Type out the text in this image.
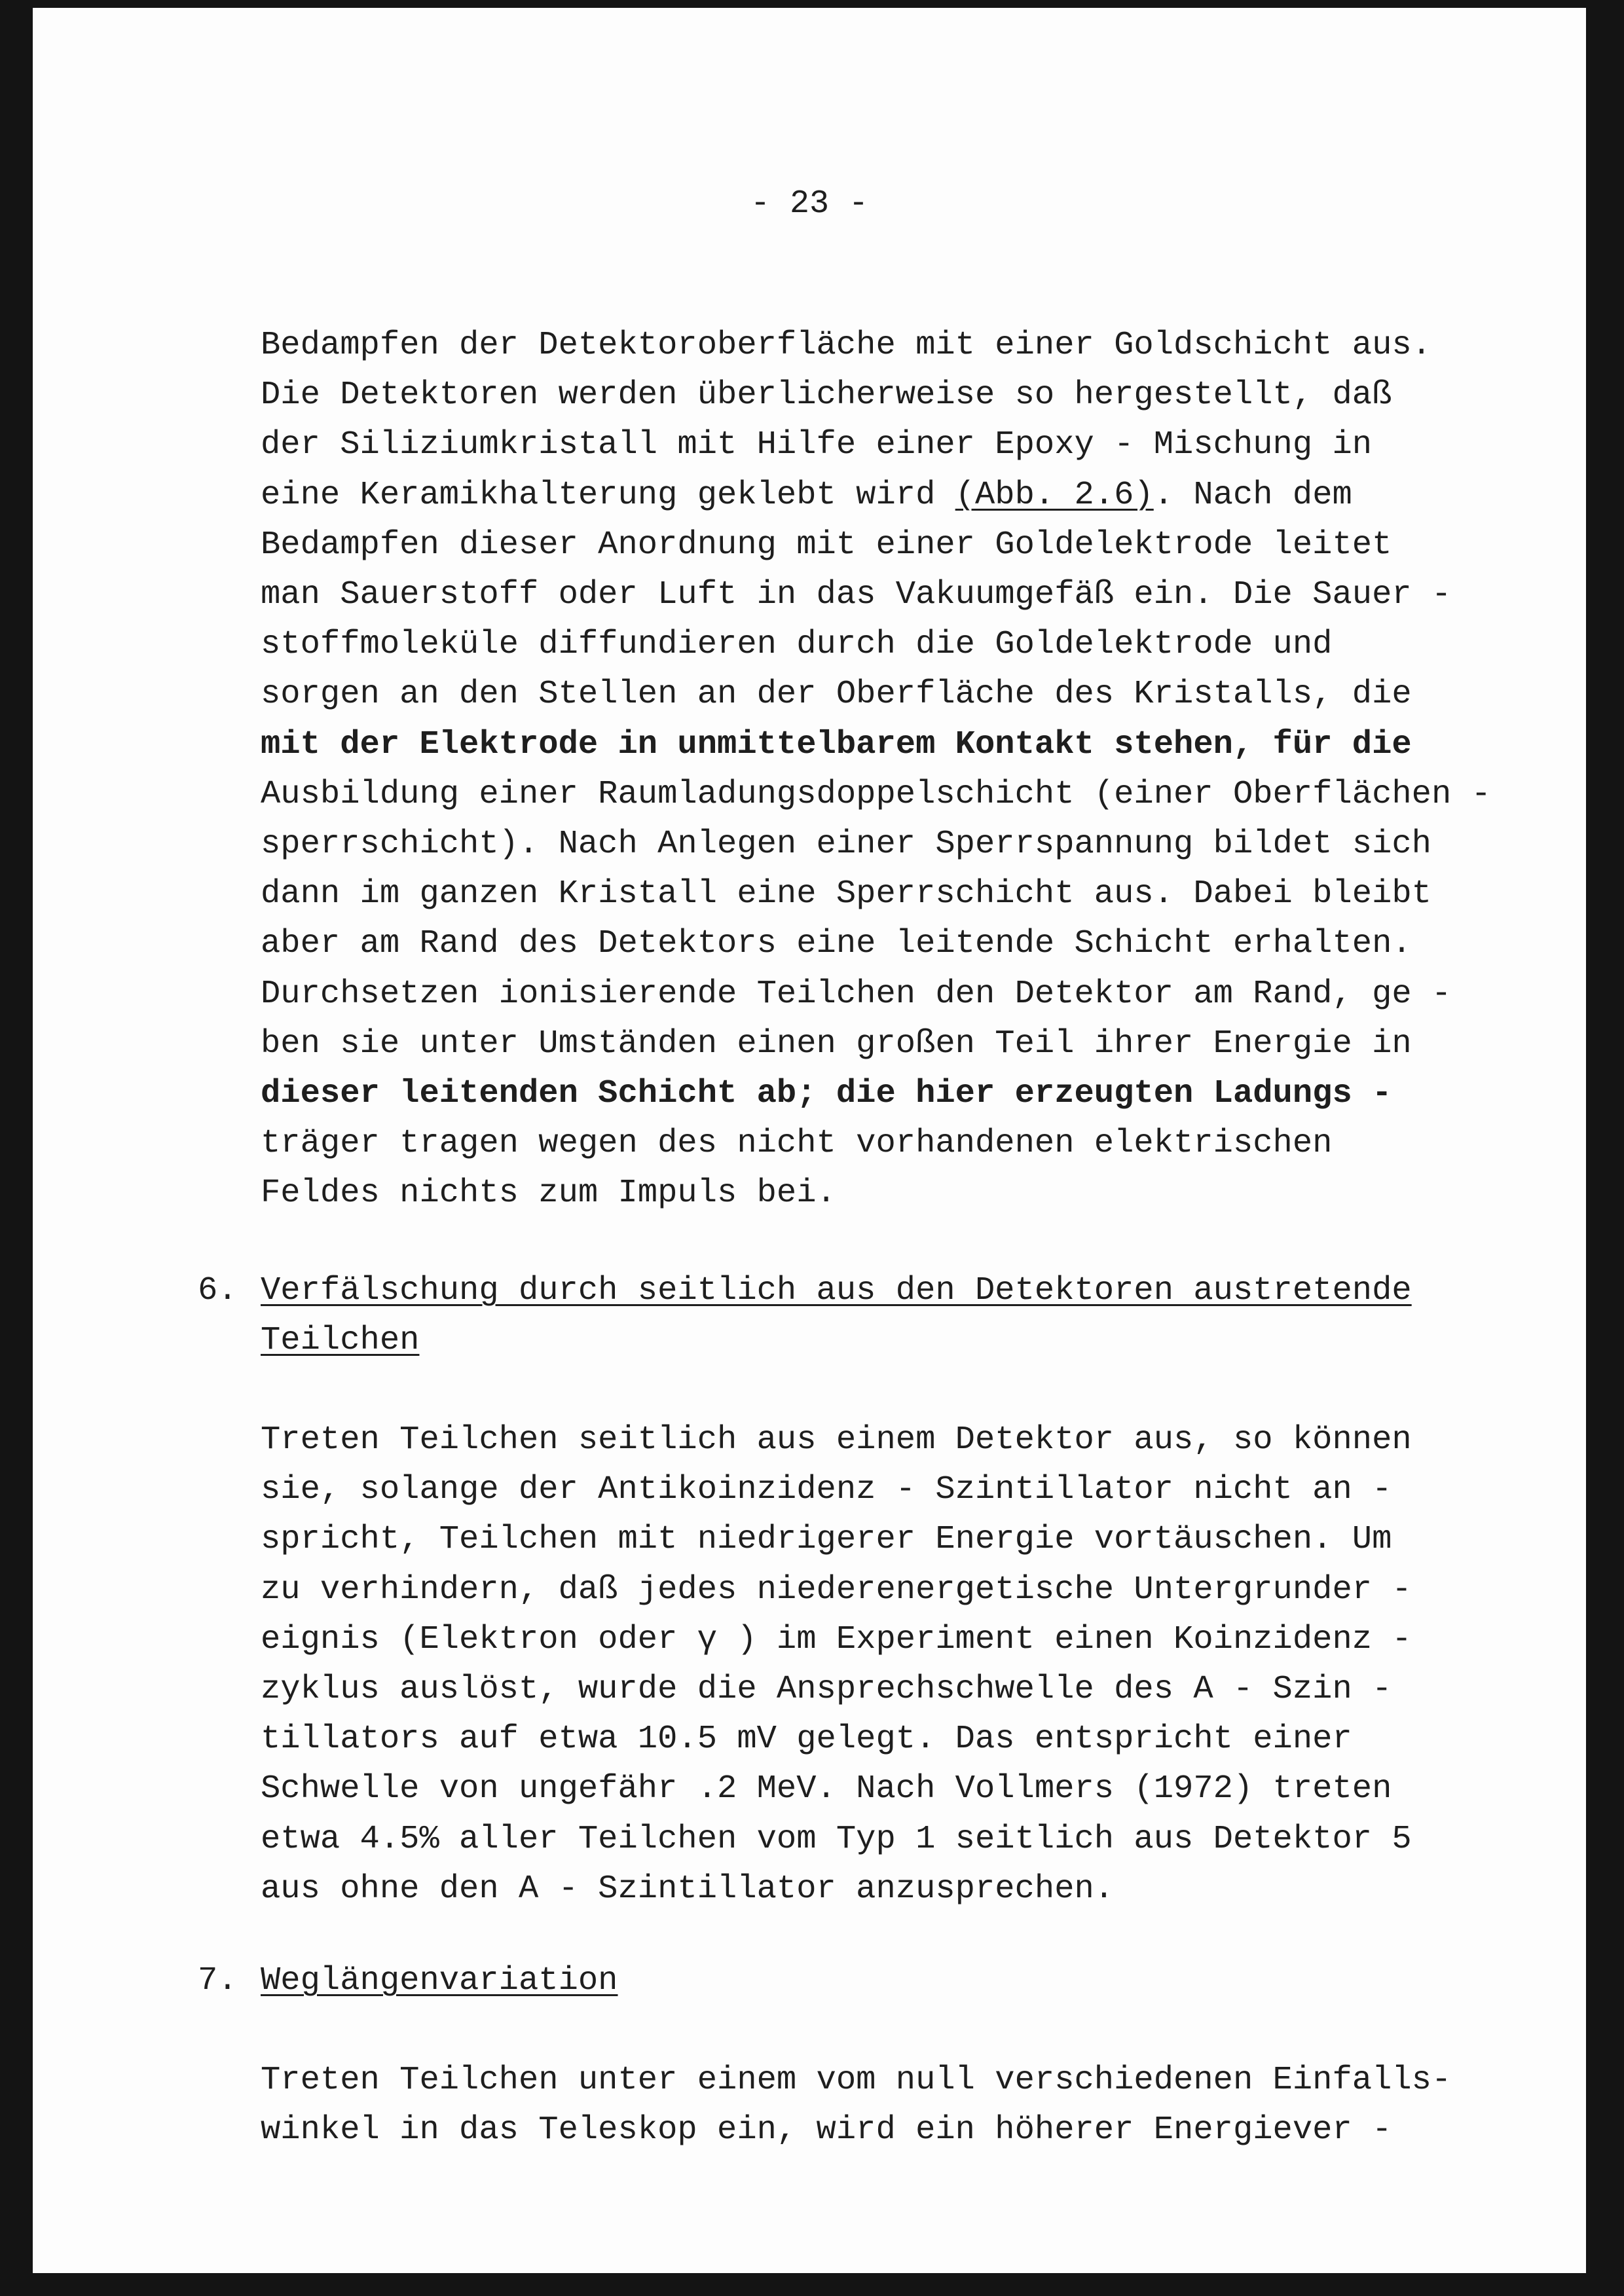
- 23 -
Bedampfen der Detektoroberfläche mit einer Goldschicht aus.
Die Detektoren werden überlicherweise so hergestellt, daß
der Siliziumkristall mit Hilfe einer Epoxy - Mischung in
eine Keramikhalterung geklebt wird (Abb. 2.6). Nach dem
Bedampfen dieser Anordnung mit einer Goldelektrode leitet
man Sauerstoff oder Luft in das Vakuumgefäß ein. Die Sauer -
stoffmoleküle diffundieren durch die Goldelektrode und
sorgen an den Stellen an der Oberfläche des Kristalls, die
mit der Elektrode in unmittelbarem Kontakt stehen, für die
Ausbildung einer Raumladungsdoppelschicht (einer Oberflächen -
sperrschicht). Nach Anlegen einer Sperrspannung bildet sich
dann im ganzen Kristall eine Sperrschicht aus. Dabei bleibt
aber am Rand des Detektors eine leitende Schicht erhalten.
Durchsetzen ionisierende Teilchen den Detektor am Rand, ge -
ben sie unter Umständen einen großen Teil ihrer Energie in
dieser leitenden Schicht ab; die hier erzeugten Ladungs -
träger tragen wegen des nicht vorhandenen elektrischen
Feldes nichts zum Impuls bei.
6. Verfälschung durch seitlich aus den Detektoren austretende
Teilchen
Treten Teilchen seitlich aus einem Detektor aus, so können
sie, solange der Antikoinzidenz - Szintillator nicht an -
spricht, Teilchen mit niedrigerer Energie vortäuschen. Um
zu verhindern, daß jedes niederenergetische Untergrunder -
eignis (Elektron oder γ ) im Experiment einen Koinzidenz -
zyklus auslöst, wurde die Ansprechschwelle des A - Szin -
tillators auf etwa 10.5 mV gelegt. Das entspricht einer
Schwelle von ungefähr .2 MeV. Nach Vollmers (1972) treten
etwa 4.5% aller Teilchen vom Typ 1 seitlich aus Detektor 5
aus ohne den A - Szintillator anzusprechen.
7. Weglängenvariation
Treten Teilchen unter einem vom null verschiedenen Einfalls-
winkel in das Teleskop ein, wird ein höherer Energiever -
